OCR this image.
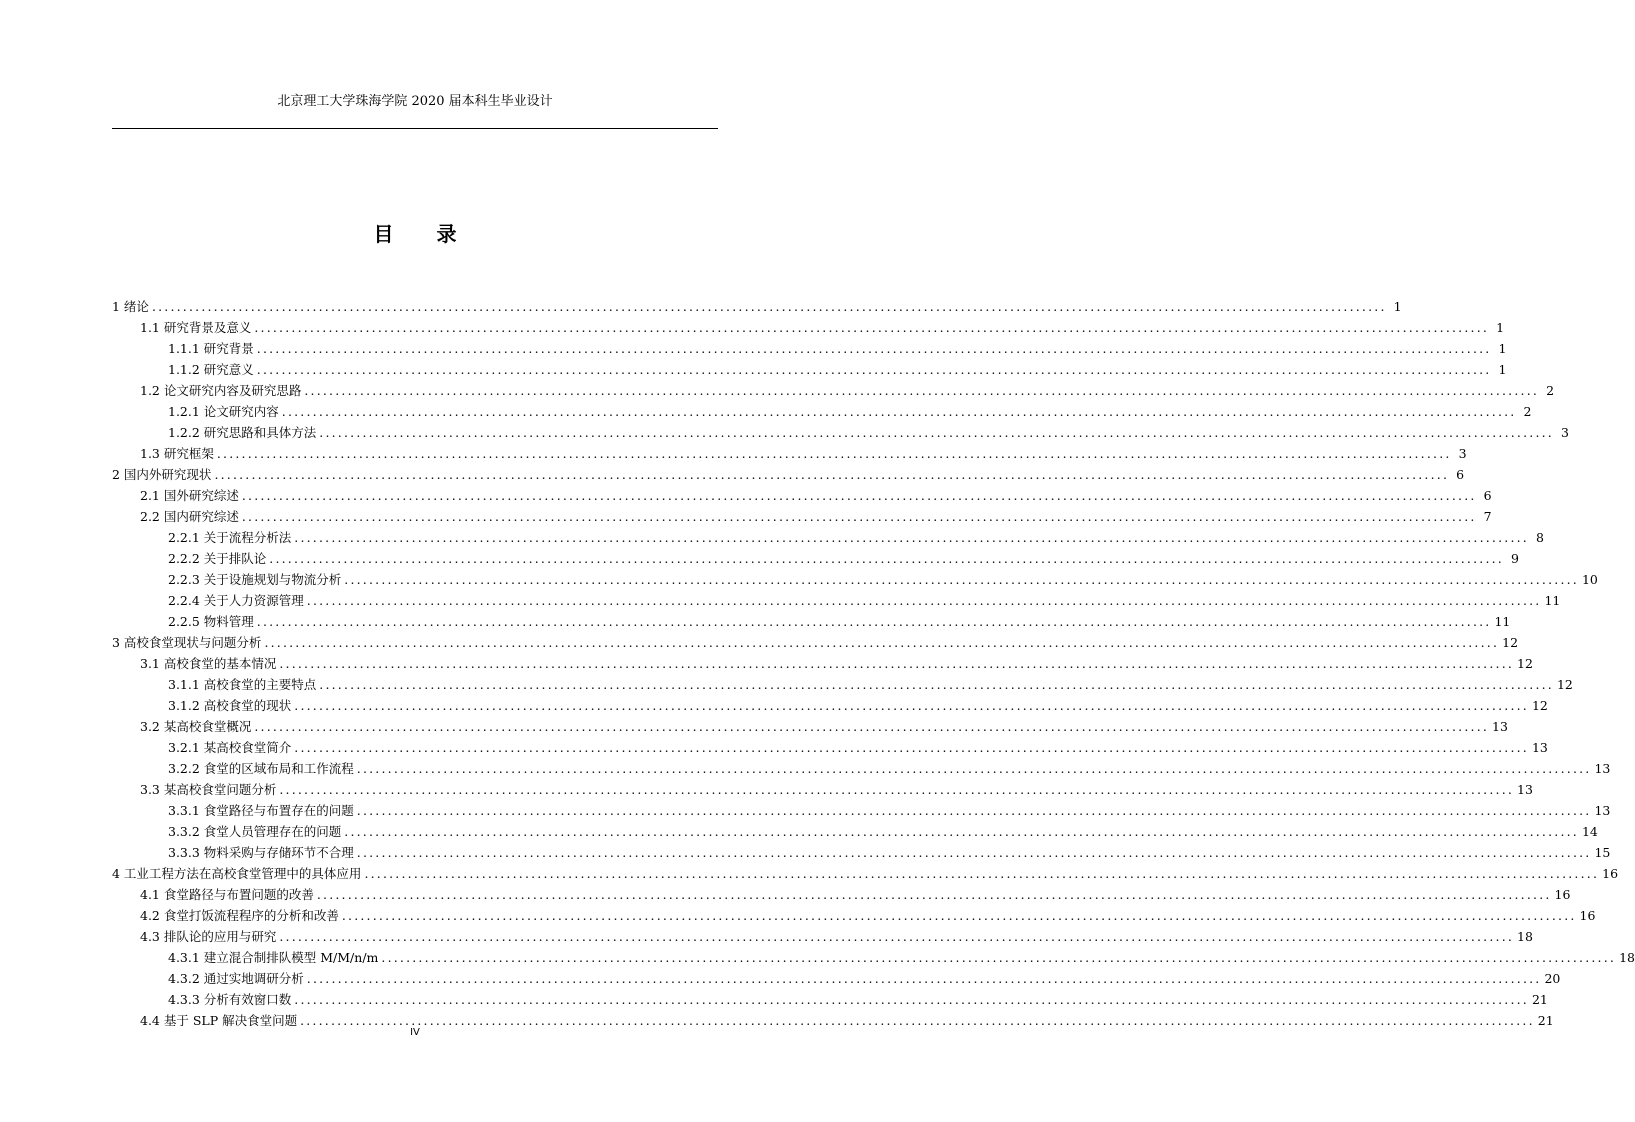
北京理工大学珠海学院 2020 届本科生毕业设计
目 录
1 绪论 ........................................................................................................................................................................................................ 1
1.1 研究背景及意义 ........................................................................................................................................................................................................ 1
1.1.1 研究背景 ........................................................................................................................................................................................................ 1
1.1.2 研究意义 ........................................................................................................................................................................................................ 1
1.2 论文研究内容及研究思路 ........................................................................................................................................................................................................ 2
1.2.1 论文研究内容 ........................................................................................................................................................................................................ 2
1.2.2 研究思路和具体方法 ........................................................................................................................................................................................................ 3
1.3 研究框架 ........................................................................................................................................................................................................ 3
2 国内外研究现状 ........................................................................................................................................................................................................ 6
2.1 国外研究综述 ........................................................................................................................................................................................................ 6
2.2 国内研究综述 ........................................................................................................................................................................................................ 7
2.2.1 关于流程分析法 ........................................................................................................................................................................................................ 8
2.2.2 关于排队论 ........................................................................................................................................................................................................ 9
2.2.3 关于设施规划与物流分析 ........................................................................................................................................................................................................ 10
2.2.4 关于人力资源管理 ........................................................................................................................................................................................................ 11
2.2.5 物料管理 ........................................................................................................................................................................................................ 11
3 高校食堂现状与问题分析 ........................................................................................................................................................................................................ 12
3.1 高校食堂的基本情况 ........................................................................................................................................................................................................ 12
3.1.1 高校食堂的主要特点 ........................................................................................................................................................................................................ 12
3.1.2 高校食堂的现状 ........................................................................................................................................................................................................ 12
3.2 某高校食堂概况 ........................................................................................................................................................................................................ 13
3.2.1 某高校食堂简介 ........................................................................................................................................................................................................ 13
3.2.2 食堂的区域布局和工作流程 ........................................................................................................................................................................................................ 13
3.3 某高校食堂问题分析 ........................................................................................................................................................................................................ 13
3.3.1 食堂路径与布置存在的问题 ........................................................................................................................................................................................................ 13
3.3.2 食堂人员管理存在的问题 ........................................................................................................................................................................................................ 14
3.3.3 物料采购与存储环节不合理 ........................................................................................................................................................................................................ 15
4 工业工程方法在高校食堂管理中的具体应用 ........................................................................................................................................................................................................ 16
4.1 食堂路径与布置问题的改善 ........................................................................................................................................................................................................ 16
4.2 食堂打饭流程程序的分析和改善 ........................................................................................................................................................................................................ 16
4.3 排队论的应用与研究 ........................................................................................................................................................................................................ 18
4.3.1 建立混合制排队模型 M/M/n/m ........................................................................................................................................................................................................ 18
4.3.2 通过实地调研分析 ........................................................................................................................................................................................................ 20
4.3.3 分析有效窗口数 ........................................................................................................................................................................................................ 21
4.4 基于 SLP 解决食堂问题 ........................................................................................................................................................................................................ 21
IV
